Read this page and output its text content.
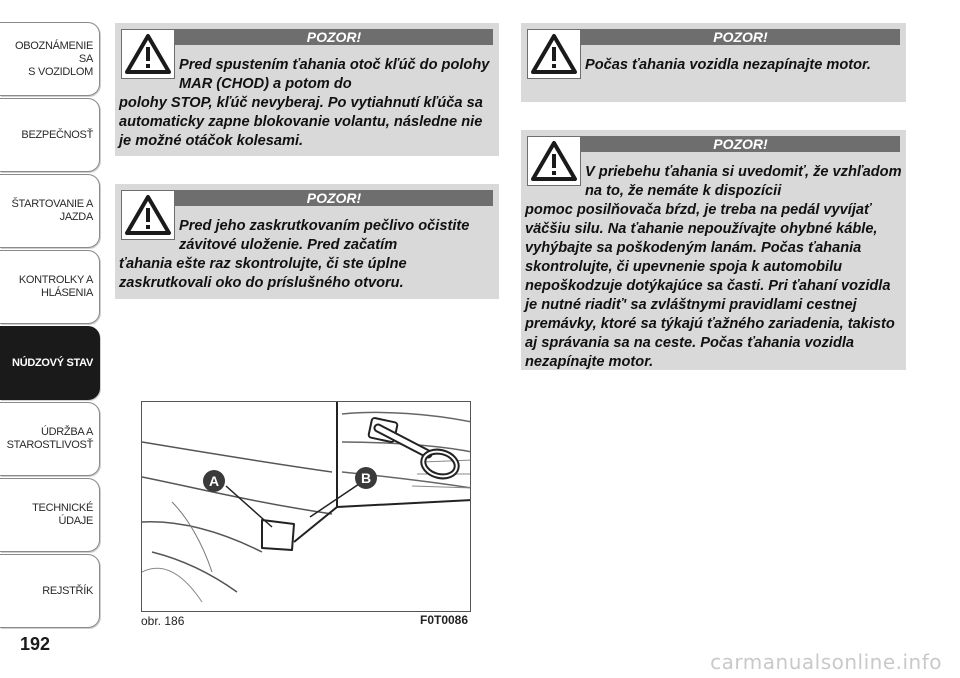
OBOZNÁMENIE SA
S VOZIDLOM
BEZPEČNOSŤ
ŠTARTOVANIE A
JAZDA
KONTROLKY A
HLÁSENIA
NÚDZOVÝ STAV
ÚDRŽBA A
STAROSTLIVOSŤ
TECHNICKÉ ÚDAJE
REJSTŘÍK
192
POZOR!
Pred spustením ťahania otoč kľúč do polohy MAR (CHOD) a potom do
polohy STOP, kľúč nevyberaj. Po vytiahnutí kľúča sa automaticky zapne blokovanie volantu, následne nie je možné otáčok kolesami.
POZOR!
Pred jeho zaskrutkovaním pečlivo očistite závitové uloženie. Pred začatím
ťahania ešte raz skontrolujte, či ste úplne zaskrutkovali oko do príslušného otvoru.
POZOR!
Počas ťahania vozidla nezapínajte motor.
POZOR!
V priebehu ťahania si uvedomiť, že vzhľadom na to, že nemáte k dispozícii
pomoc posilňovača bŕzd, je treba na pedál vyvíjať väčšiu silu. Na ťahanie nepoužívajte ohybné káble, vyhýbajte sa poškodeným lanám. Počas ťahania skontrolujte, či upevnenie spoja k automobilu nepoškodzuje dotýkajúce sa časti. Pri ťahaní vozidla je nutné riadiť' sa zvláštnymi pravidlami cestnej premávky, ktoré sa týkajú ťažného zariadenia, takisto aj správania sa na ceste. Počas ťahania vozidla nezapínajte motor.
A	B
obr. 186	F0T0086
carmanualsonline.info
